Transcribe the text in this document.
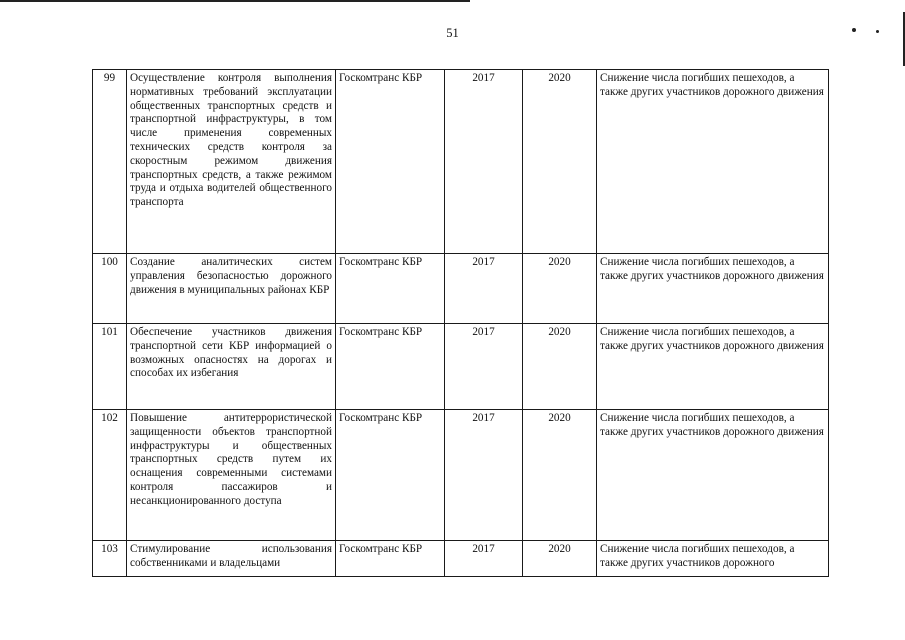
51
99	Осуществление контроля выполнения нормативных требований эксплуатации общественных транспортных средств и транспортной инфраструктуры, в том числе применения современных технических средств контроля за скоростным режимом движения транспортных средств, а также режимом труда и отдыха водителей общественного транспорта	Госкомтранс КБР	2017	2020	Снижение числа погибших пешеходов, а также других участников дорожного движения
100	Создание аналитических систем управления безопасностью дорожного движения в муниципальных районах КБР	Госкомтранс КБР	2017	2020	Снижение числа погибших пешеходов, а также других участников дорожного движения
101	Обеспечение участников движения транспортной сети КБР информацией о возможных опасностях на дорогах и способах их избегания	Госкомтранс КБР	2017	2020	Снижение числа погибших пешеходов, а также других участников дорожного движения
102	Повышение антитеррористической защищенности объектов транспортной инфраструктуры и общественных транспортных средств путем их оснащения современными системами контроля пассажиров и несанкционированного доступа	Госкомтранс КБР	2017	2020	Снижение числа погибших пешеходов, а также других участников дорожного движения
103	Стимулирование использования собственниками и владельцами	Госкомтранс КБР	2017	2020	Снижение числа погибших пешеходов, а также других участников дорожного
